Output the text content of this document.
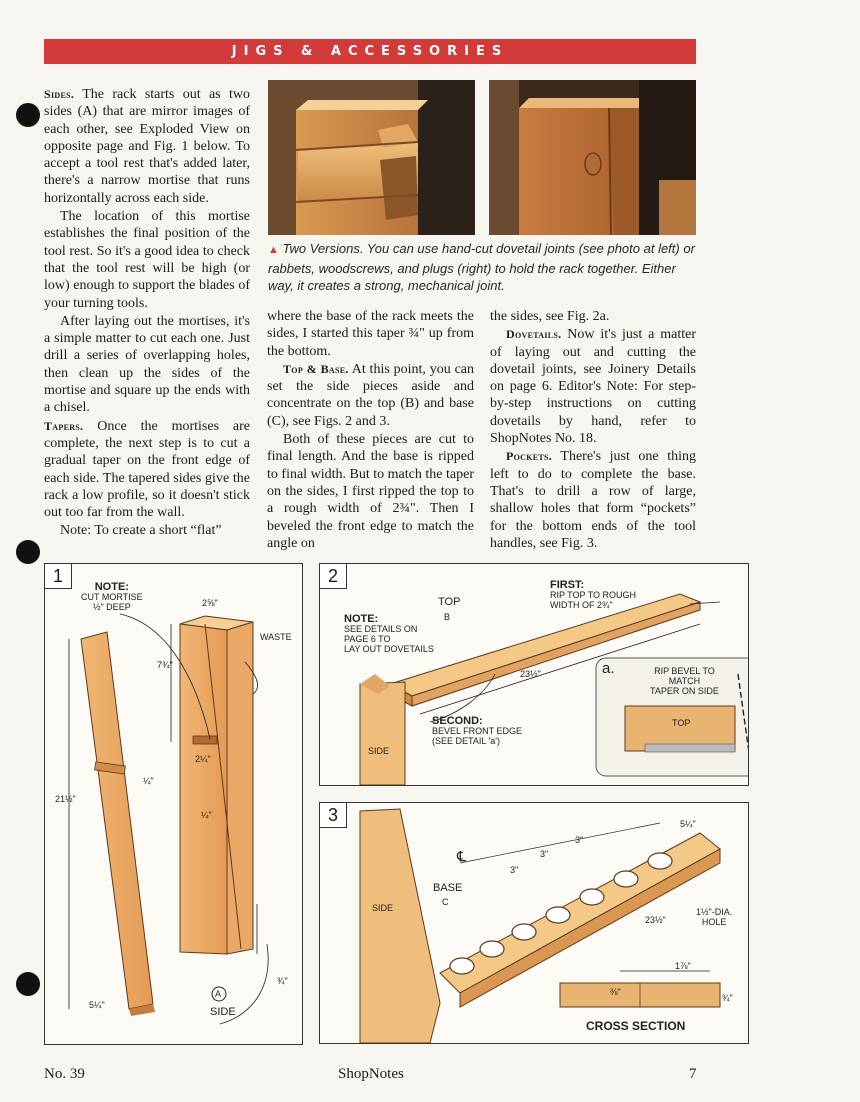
JIGS & ACCESSORIES

Sides. The rack starts out as two sides (A) that are mirror images of each other, see Exploded View on opposite page and Fig. 1 below. To accept a tool rest that's added later, there's a narrow mortise that runs horizontally across each side.

The location of this mortise establishes the final position of the tool rest. So it's a good idea to check that the tool rest will be high (or low) enough to support the blades of your turning tools.

After laying out the mortises, it's a simple matter to cut each one. Just drill a series of overlapping holes, then clean up the sides of the mortise and square up the ends with a chisel.

Tapers. Once the mortises are complete, the next step is to cut a gradual taper on the front edge of each side. The tapered sides give the rack a low profile, so it doesn't stick out too far from the wall.

Note: To create a short “flat”

▲ Two Versions. You can use hand-cut dovetail joints (see photo at left) or rabbets, woodscrews, and plugs (right) to hold the rack together. Either way, it creates a strong, mechanical joint.

where the base of the rack meets the sides, I started this taper ¾" up from the bottom.

Top & Base. At this point, you can set the side pieces aside and concentrate on the top (B) and base (C), see Figs. 2 and 3.

Both of these pieces are cut to final length. And the base is ripped to final width. But to match the taper on the sides, I first ripped the top to a rough width of 2¾". Then I beveled the front edge to match the angle on

the sides, see Fig. 2a.

Dovetails. Now it's just a matter of laying out and cutting the dovetail joints, see Joinery Details on page 6. Editor's Note: For step-by-step instructions on cutting dovetails by hand, refer to ShopNotes No. 18.

Pockets. There's just one thing left to do to complete the base. That's to drill a row of large, shallow holes that form “pockets” for the bottom ends of the tool handles, see Fig. 3.

1
NOTE:
CUT MORTISE
½" DEEP	2⅝"
WASTE
7¾"
21½"
2¼"
¼"
¼"
5¼"
¾"
A
SIDE
2	FIRST:
RIP TOP TO ROUGH
WIDTH OF 2¾"
TOP
B
NOTE:
SEE DETAILS ON
PAGE 6 TO
LAY OUT DOVETAILS
23½"
SIDE
SECOND:
BEVEL FRONT EDGE
(SEE DETAIL 'a')
a.	RIP BEVEL TO
MATCH
TAPER ON SIDE
TOP
3	5¼"
3"
3"
3"
℄
BASE
C
SIDE
23½"
1½"-DIA.
HOLE
1⅞"
⅜"
¾"
CROSS SECTION
No. 39	ShopNotes	7
